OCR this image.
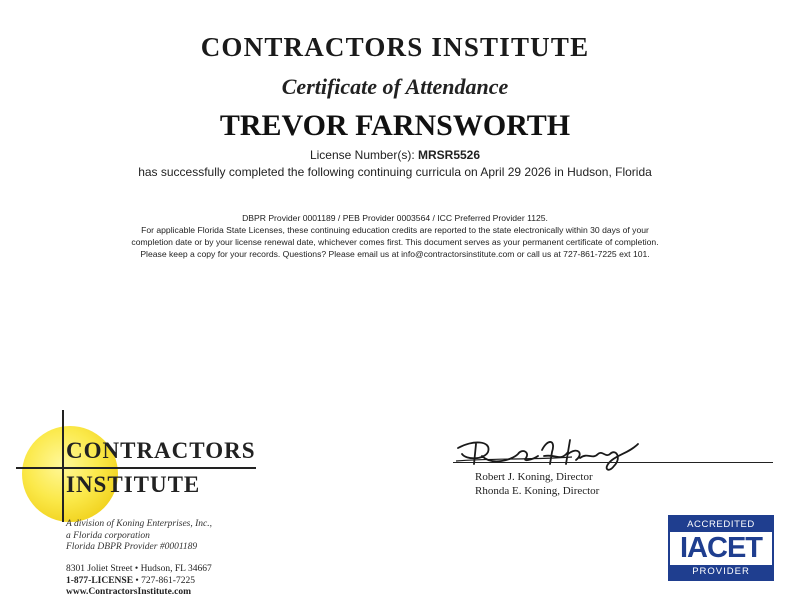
CONTRACTORS INSTITUTE
Certificate of Attendance
TREVOR FARNSWORTH
License Number(s): MRSR5526
has successfully completed the following continuing curricula on April 29 2026 in Hudson, Florida
DBPR Provider 0001189 / PEB Provider 0003564 / ICC Preferred Provider 1125.
For applicable Florida State Licenses, these continuing education credits are reported to the state electronically within 30 days of your
completion date or by your license renewal date, whichever comes first. This document serves as your permanent certificate of completion.
Please keep a copy for your records. Questions? Please email us at info@contractorsinstitute.com or call us at 727-861-7225 ext 101.
CONTRACTORS
INSTITUTE
A division of Koning Enterprises, Inc.,
a Florida corporation
Florida DBPR Provider #0001189
8301 Joliet Street • Hudson, FL 34667
1-877-LICENSE • 727-861-7225
www.ContractorsInstitute.com
Robert J. Koning, Director
Rhonda E. Koning, Director
ACCREDITED
IACET
PROVIDER
